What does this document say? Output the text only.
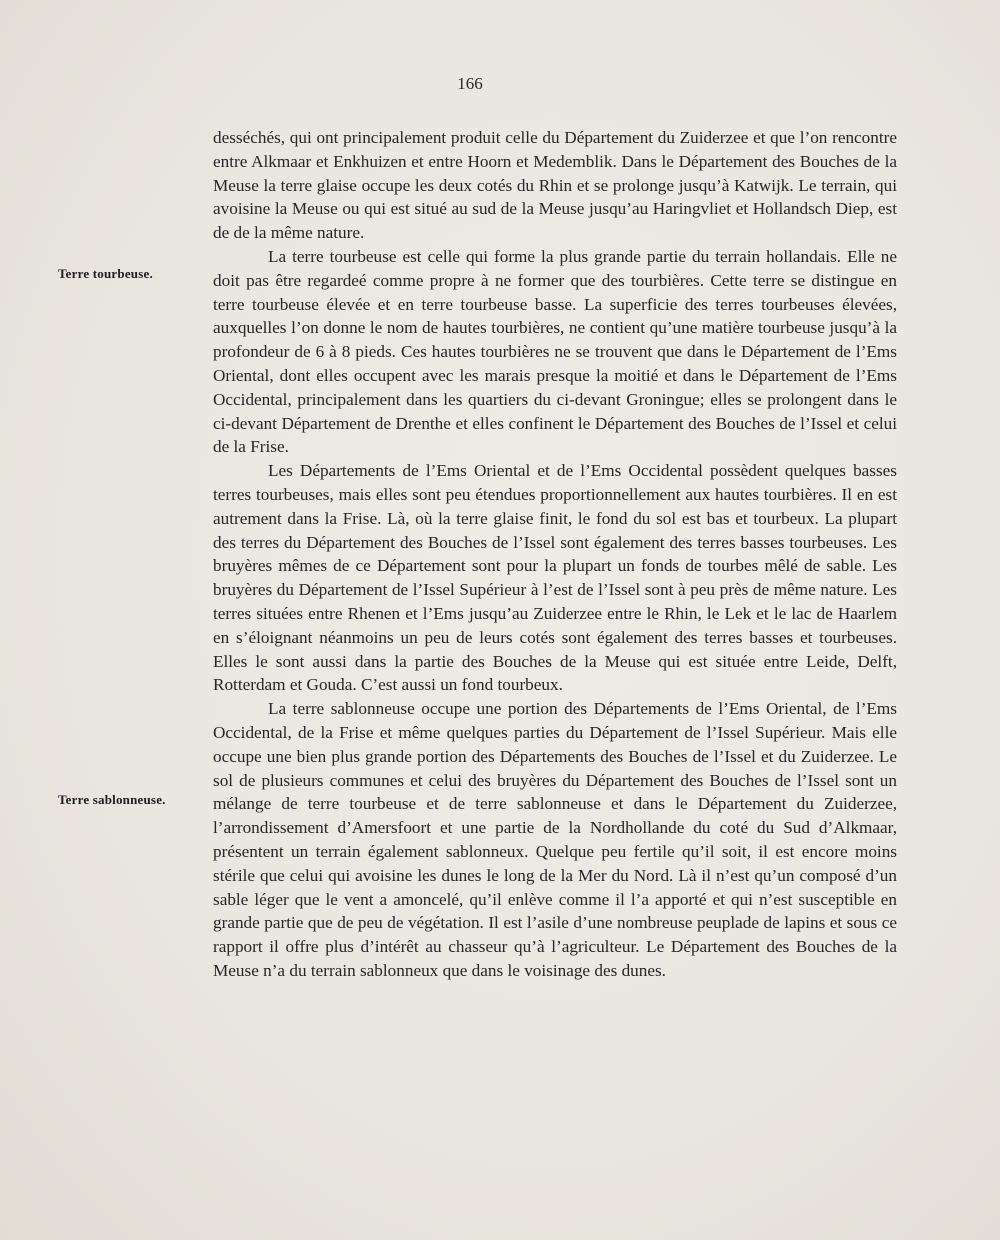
166
Terre tourbeuse.
Terre sablonneuse.

desséchés, qui ont principalement produit celle du Département du Zuiderzee et que l’on rencontre entre Alkmaar et Enkhuizen et entre Hoorn et Medemblik. Dans le Département des Bouches de la Meuse la terre glaise occupe les deux cotés du Rhin et se prolonge jusqu’à Katwijk. Le terrain, qui avoisine la Meuse ou qui est situé au sud de la Meuse jusqu’au Haringvliet et Hollandsch Diep, est de de la même nature.

La terre tourbeuse est celle qui forme la plus grande partie du terrain hollandais. Elle ne doit pas être regardeé comme propre à ne former que des tourbières. Cette terre se distingue en terre tourbeuse élevée et en terre tourbeuse basse. La superficie des terres tourbeuses élevées, auxquelles l’on donne le nom de hautes tourbières, ne contient qu’une matière tourbeuse jusqu’à la profondeur de 6 à 8 pieds. Ces hautes tourbières ne se trouvent que dans le Département de l’Ems Oriental, dont elles occupent avec les marais presque la moitié et dans le Département de l’Ems Occidental, principalement dans les quartiers du ci-devant Groningue; elles se prolongent dans le ci-devant Département de Drenthe et elles confinent le Département des Bouches de l’Issel et celui de la Frise.

Les Départements de l’Ems Oriental et de l’Ems Occidental possèdent quelques basses terres tourbeuses, mais elles sont peu étendues proportionnellement aux hautes tourbières. Il en est autrement dans la Frise. Là, où la terre glaise finit, le fond du sol est bas et tourbeux. La plupart des terres du Département des Bouches de l’Issel sont également des terres basses tourbeuses. Les bruyères mêmes de ce Département sont pour la plupart un fonds de tourbes mêlé de sable. Les bruyères du Département de l’Issel Supérieur à l’est de l’Issel sont à peu près de même nature. Les terres situées entre Rhenen et l’Ems jusqu’au Zuiderzee entre le Rhin, le Lek et le lac de Haarlem en s’éloignant néanmoins un peu de leurs cotés sont également des terres basses et tourbeuses. Elles le sont aussi dans la partie des Bouches de la Meuse qui est située entre Leide, Delft, Rotterdam et Gouda. C’est aussi un fond tourbeux.

La terre sablonneuse occupe une portion des Départements de l’Ems Oriental, de l’Ems Occidental, de la Frise et même quelques parties du Département de l’Issel Supérieur. Mais elle occupe une bien plus grande portion des Départements des Bouches de l’Issel et du Zuiderzee. Le sol de plusieurs communes et celui des bruyères du Département des Bouches de l’Issel sont un mélange de terre tourbeuse et de terre sablonneuse et dans le Département du Zuiderzee, l’arrondissement d’Amersfoort et une partie de la Nordhollande du coté du Sud d’Alkmaar, présentent un terrain également sablonneux. Quelque peu fertile qu’il soit, il est encore moins stérile que celui qui avoisine les dunes le long de la Mer du Nord. Là il n’est qu’un composé d’un sable léger que le vent a amoncelé, qu’il enlève comme il l’a apporté et qui n’est susceptible en grande partie que de peu de végétation. Il est l’asile d’une nombreuse peuplade de lapins et sous ce rapport il offre plus d’intérêt au chasseur qu’à l’agriculteur. Le Département des Bouches de la Meuse n’a du terrain sablonneux que dans le voisinage des dunes.
